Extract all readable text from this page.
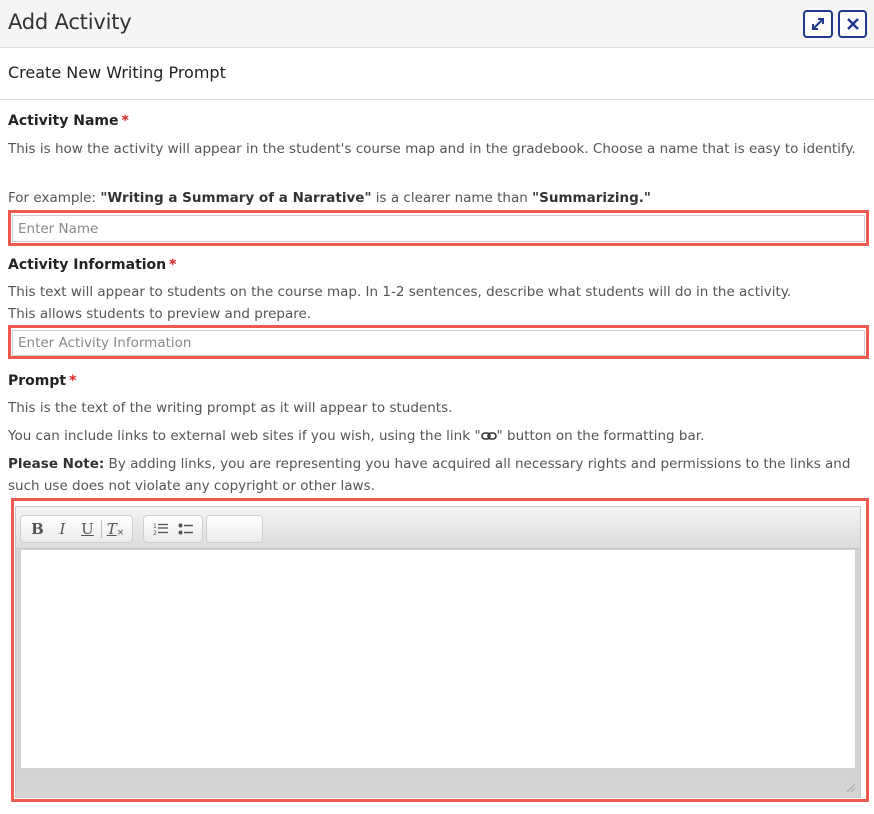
Add Activity
Create New Writing Prompt
Activity Name *
This is how the activity will appear in the student's course map and in the gradebook. Choose a name that is easy to identify.
For example: "Writing a Summary of a Narrative" is a clearer name than "Summarizing."
Enter Name
Activity Information *
This text will appear to students on the course map. In 1-2 sentences, describe what students will do in the activity.
This allows students to preview and prepare.
Enter Activity Information
Prompt *
This is the text of the writing prompt as it will appear to students.
You can include links to external web sites if you wish, using the link " " button on the formatting bar.
Please Note: By adding links, you are representing you have acquired all necessary rights and permissions to the links and such use does not violate any copyright or other laws.
B	I	U T ×
1
2
